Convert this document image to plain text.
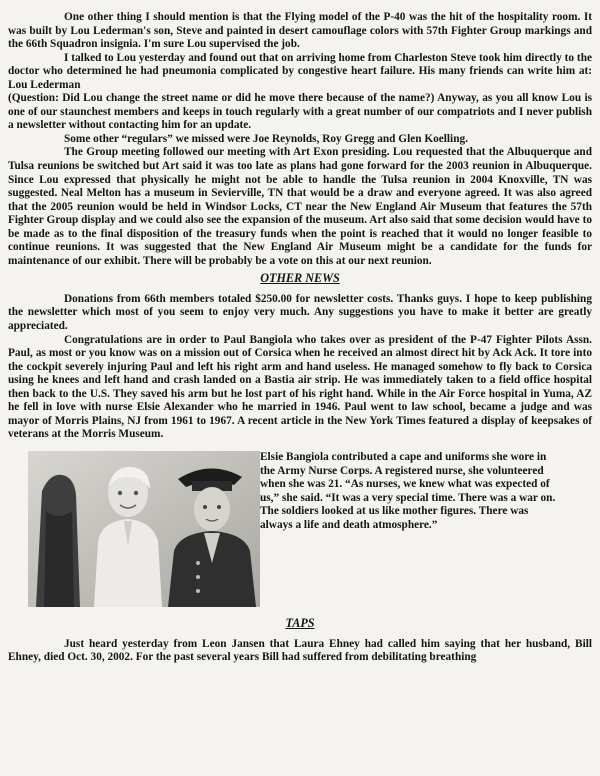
One other thing I should mention is that the Flying model of the P-40 was the hit of the hospitality room. It was built by Lou Lederman's son, Steve and painted in desert camouflage colors with 57th Fighter Group markings and the 66th Squadron insignia. I'm sure Lou supervised the job.

I talked to Lou yesterday and found out that on arriving home from Charleston Steve took him directly to the doctor who determined he had pneumonia complicated by congestive heart failure. His many friends can write him at: Lou Lederman

(Question: Did Lou change the street name or did he move there because of the name?) Anyway, as you all know Lou is one of our staunchest members and keeps in touch regularly with a great number of our compatriots and I never publish a newsletter without contacting him for an update.

Some other “regulars” we missed were Joe Reynolds, Roy Gregg and Glen Koelling.

The Group meeting followed our meeting with Art Exon presiding. Lou requested that the Albuquerque and Tulsa reunions be switched but Art said it was too late as plans had gone forward for the 2003 reunion in Albuquerque. Since Lou expressed that physically he might not be able to handle the Tulsa reunion in 2004 Knoxville, TN was suggested. Neal Melton has a museum in Sevierville, TN that would be a draw and everyone agreed. It was also agreed that the 2005 reunion would be held in Windsor Locks, CT near the New England Air Museum that features the 57th Fighter Group display and we could also see the expansion of the museum. Art also said that some decision would have to be made as to the final disposition of the treasury funds when the point is reached that it would no longer feasible to continue reunions. It was suggested that the New England Air Museum might be a candidate for the funds for maintenance of our exhibit. There will be probably be a vote on this at our next reunion.

OTHER NEWS

Donations from 66th members totaled $250.00 for newsletter costs. Thanks guys. I hope to keep publishing the newsletter which most of you seem to enjoy very much. Any suggestions you have to make it better are greatly appreciated.

Congratulations are in order to Paul Bangiola who takes over as president of the P-47 Fighter Pilots Assn. Paul, as most or you know was on a mission out of Corsica when he received an almost direct hit by Ack Ack. It tore into the cockpit severely injuring Paul and left his right arm and hand useless. He managed somehow to fly back to Corsica using he knees and left hand and crash landed on a Bastia air strip. He was immediately taken to a field office hospital then back to the U.S. They saved his arm but he lost part of his right hand. While in the Air Force hospital in Yuma, AZ he fell in love with nurse Elsie Alexander who he married in 1946. Paul went to law school, became a judge and was mayor of Morris Plains, NJ from 1961 to 1967. A recent article in the New York Times featured a display of keepsakes of veterans at the Morris Museum.

Elsie Bangiola contributed a cape and uniforms she wore in the Army Nurse Corps. A registered nurse, she volunteered when she was 21. “As nurses, we knew what was expected of us,” she said. “It was a very special time. There was a war on. The soldiers looked at us like mother figures. There was always a life and death atmosphere.”

TAPS

Just heard yesterday from Leon Jansen that Laura Ehney had called him saying that her husband, Bill Ehney, died Oct. 30, 2002. For the past several years Bill had suffered from debilitating breathing
